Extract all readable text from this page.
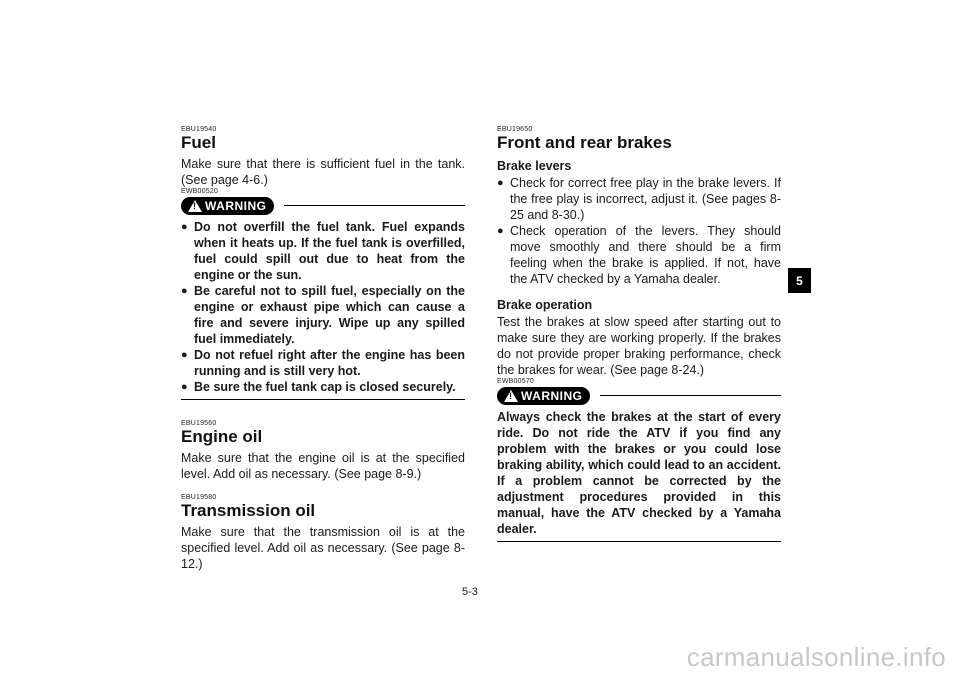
EBU19540

Fuel

Make sure that there is sufficient fuel in the tank. (See page 4-6.)

EWB00520

!
WARNING
● Do not overfill the fuel tank. Fuel expands when it heats up. If the fuel tank is overfilled, fuel could spill out due to heat from the engine or the sun.
● Be careful not to spill fuel, especially on the engine or exhaust pipe which can cause a fire and severe injury. Wipe up any spilled fuel immediately.
● Do not refuel right after the engine has been running and is still very hot.
● Be sure the fuel tank cap is closed securely.

EBU19560

Engine oil

Make sure that the engine oil is at the specified level. Add oil as necessary. (See page 8-9.)

EBU19580

Transmission oil

Make sure that the transmission oil is at the specified level. Add oil as necessary. (See page 8-12.)

EBU19650

Front and rear brakes
Brake levers
● Check for correct free play in the brake levers. If the free play is incorrect, adjust it. (See pages 8-25 and 8-30.)
● Check operation of the levers. They should move smoothly and there should be a firm feeling when the brake is applied. If not, have the ATV checked by a Yamaha dealer.
Brake operation

Test the brakes at slow speed after starting out to make sure they are working properly. If the brakes do not provide proper braking performance, check the brakes for wear. (See page 8-24.)

EWB00570

!
WARNING

Always check the brakes at the start of every ride. Do not ride the ATV if you find any problem with the brakes or you could lose braking ability, which could lead to an accident. If a problem cannot be corrected by the adjustment procedures provided in this manual, have the ATV checked by a Yamaha dealer.

5-3
5
carmanualsonline.info
